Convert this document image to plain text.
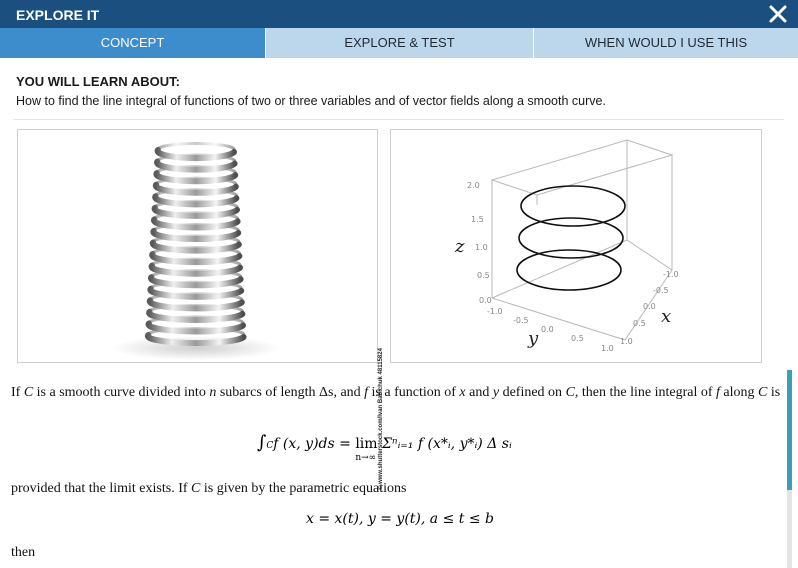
EXPLORE IT
CONCEPT	EXPLORE & TEST	WHEN WOULD I USE THIS
YOU WILL LEARN ABOUT:
How to find the line integral of functions of two or three variables and of vector fields along a smooth curve.
© www.shutterstock.com/Ivan Babichuk 48115824
2.0
1.5
1.0
0.5
0.0
-1.0
-0.5
0.0
0.5
1.0
-1.0
-0.5
0.0
0.5
1.0
z
x
y
If C is a smooth curve divided into n subarcs of length Δs, and f is a function of x and y defined on C, then the line integral of f along C is
∫Cf (x, y)ds = lim
n→∞
Σⁿᵢ₌₁ f (x*ᵢ, y*ᵢ) Δ sᵢ
provided that the limit exists. If C is given by the parametric equations
x = x(t), y = y(t), a ≤ t ≤ b
then
